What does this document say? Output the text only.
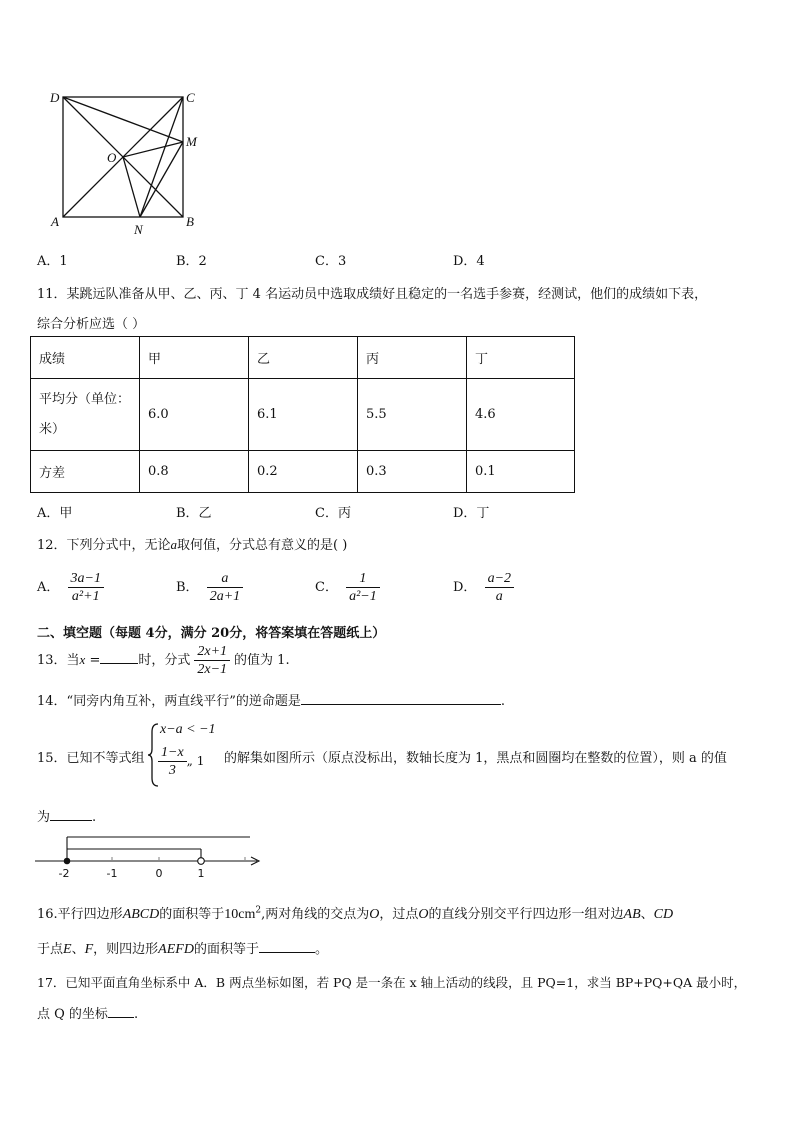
D	C
M
O
A	B
N
A．1	B．2	C．3	D．4
11．某跳远队准备从甲、乙、丙、丁 4 名运动员中选取成绩好且稳定的一名选手参赛，经测试，他们的成绩如下表，
综合分析应选（ ）
成绩	甲	乙	丙	丁
平均分（单位：
米）	6.0	6.1	5.5	4.6
方差	0.8	0.2	0.3	0.1
A．甲	B．乙	C．丙	D．丁
12．下列分式中，无论a取何值，分式总有意义的是( )
A． $\frac{3a-1}{\text{a²+1}}$	B． $\frac{a}{2a+1}$	C． $\frac{1}{\text{a²−1}}$	D． $\frac{a-2}{a}$
二、填空题（每题 4分，满分 20分，将答案填在答题纸上）
13．当x =	时，分式 $\frac{2x+1}{2x-1}$ 的值为 1.
14．“同旁内角互补，两直线平行”的逆命题是	.
15．已知不等式组
x−a < −1
$\frac{1-x}{3}$ „ 1 的解集如图所示（原点没标出，数轴长度为 1，黑点和圆圈均在整数的位置），则 a 的值
为	.
-2	-1	0	1
16.平行四边形ABCD的面积等于$10cm^2$,两对角线的交点为O，过点O的直线分别交平行四边形一组对边AB、CD
于点E、F，则四边形AEFD的面积等于	。
17．已知平面直角坐标系中 A．B 两点坐标如图，若 PQ 是一条在 x 轴上活动的线段，且 PQ=1，求当 BP+PQ+QA 最小时，
点 Q 的坐标 .
